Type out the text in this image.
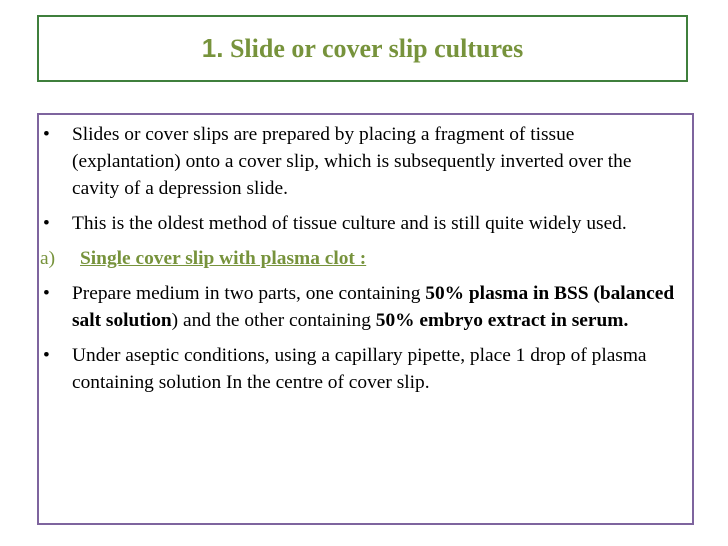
1. Slide or cover slip cultures
• Slides or cover slips are prepared by placing a fragment of tissue (explantation) onto a cover slip, which is subsequently inverted over the cavity of a depression slide.
• This is the oldest method of tissue culture and is still quite widely used.
a) Single cover slip with plasma clot :
• Prepare medium in two parts, one containing 50% plasma in BSS (balanced salt solution) and the other containing 50% embryo extract in serum.
• Under aseptic conditions, using a capillary pipette, place 1 drop of plasma containing solution In the centre of cover slip.
